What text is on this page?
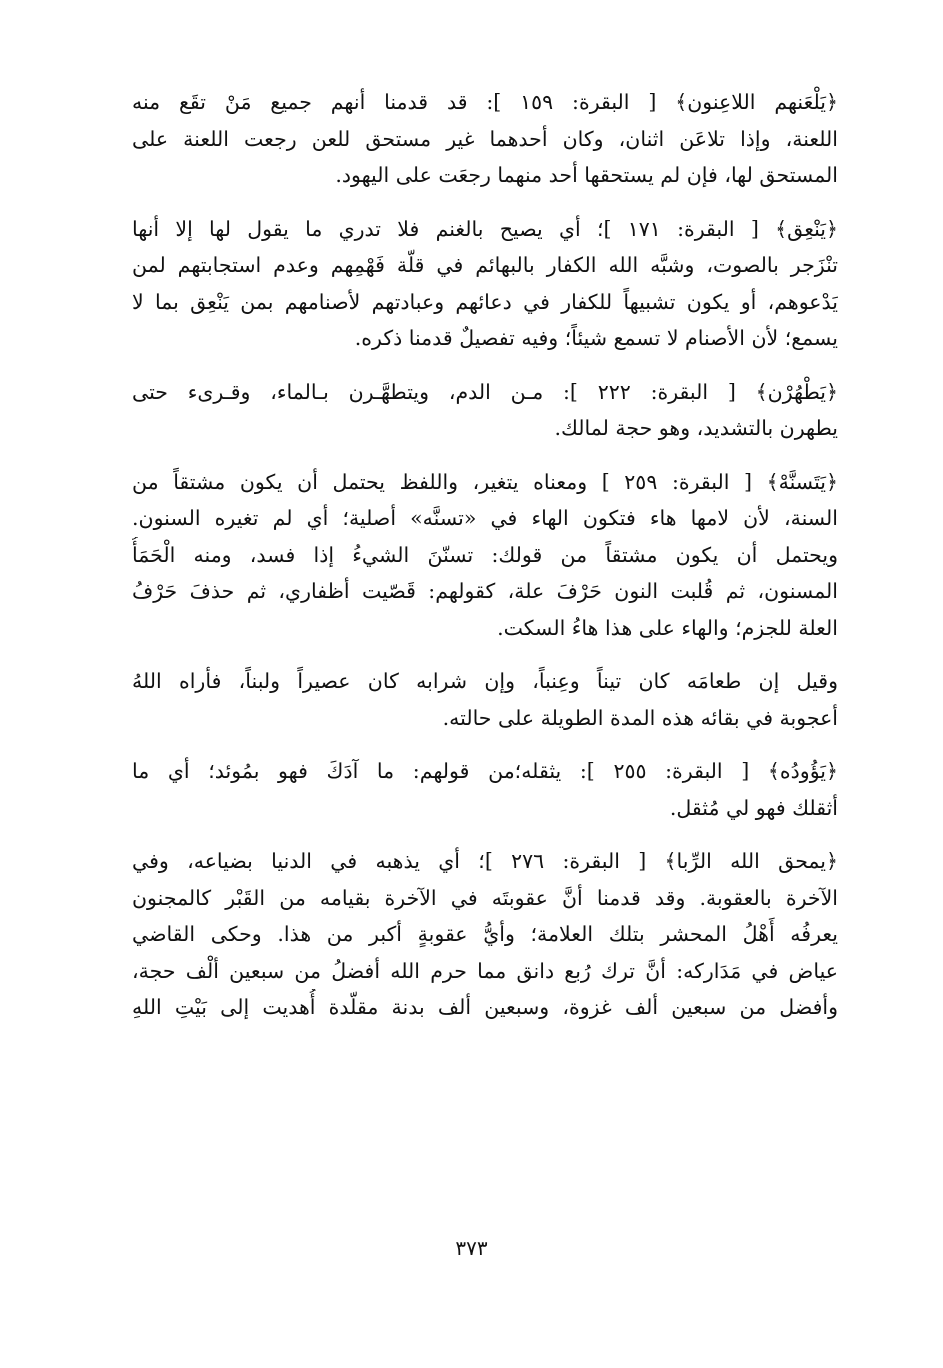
﴿يَلْعَنهم اللاعِنون﴾ [ البقرة: ١٥٩ ]: قد قدمنا أنهم جميع مَنْ تقَع منه
اللعنة، وإذا تلاعَن اثنان، وكان أحدهما غير مستحق للعن رجعت اللعنة على
المستحق لها، فإن لم يستحقها أحد منهما رجعَت على اليهود.
﴿يَنْعِق﴾ [ البقرة: ١٧١ ]؛ أي يصيح بالغنم فلا تدري ما يقول لها إلا أنها
تنْزَجر بالصوت، وشبَّه الله الكفار بالبهائم في قلّة فَهْمِهم وعدم استجابتهم لمن
يَدْعوهم، أو يكون تشبيهاً للكفار في دعائهم وعبادتهم لأصنامهم بمن يَنْعِق بما لا
يسمع؛ لأن الأصنام لا تسمع شيئاً؛ وفيه تفصيلٌ قدمنا ذكره.
﴿يَطْهُرْن﴾ [ البقرة: ٢٢٢ ]: مـن الدم، ويتطهَّـرن بـالماء، وقـرىء حتى
يطهرن بالتشديد، وهو حجة لمالك.
﴿يَتَسنَّهْ﴾ [ البقرة: ٢٥٩ ] ومعناه يتغير، واللفظ يحتمل أن يكون مشتقاً من
السنة، لأن لامها هاء فتكون الهاء في «تسنَّه» أصلية؛ أي لم تغيره السنون.
ويحتمل أن يكون مشتقاً من قولك: تسنّنَ الشيءُ إذا فسد، ومنه الْحَمَأُ
المسنون، ثم قُلبت النون حَرْفَ علة، كقولهم: قَصّيت أظفاري، ثم حذفَ حَرْفُ
العلة للجزم؛ والهاء على هذا هاءُ السكت.
وقيل إن طعامَه كان تيناً وعِنباً، وإن شرابه كان عصيراً ولبناً، فأراه اللهُ
أعجوبة في بقائه هذه المدة الطويلة على حالته.
﴿يَؤُودُه﴾ [ البقرة: ٢٥٥ ]: يثقله؛من قولهم: ما آدَكَ فهو بمُوئد؛ أي ما
أثقلك فهو لي مُثقل.
﴿يمحق الله الرِّبا﴾ [ البقرة: ٢٧٦ ]؛ أي يذهبه في الدنيا بضياعه، وفي
الآخرة بالعقوبة. وقد قدمنا أنَّ عقوبتَه في الآخرة بقيامه من القَبْر كالمجنون
يعرفُه أَهْلُ المحشر بتلك العلامة؛ وأيُّ عقوبةٍ أكبر من هذا. وحكى القاضي
عياض في مَدَاركه: أنَّ ترك رُبع دانق مما حرم الله أفضلُ من سبعين ألْف حجة،
وأفضل من سبعين ألف غزوة، وسبعين ألف بدنة مقلّدة أُهديت إلى بَيْتِ اللهِ
٣٧٣
